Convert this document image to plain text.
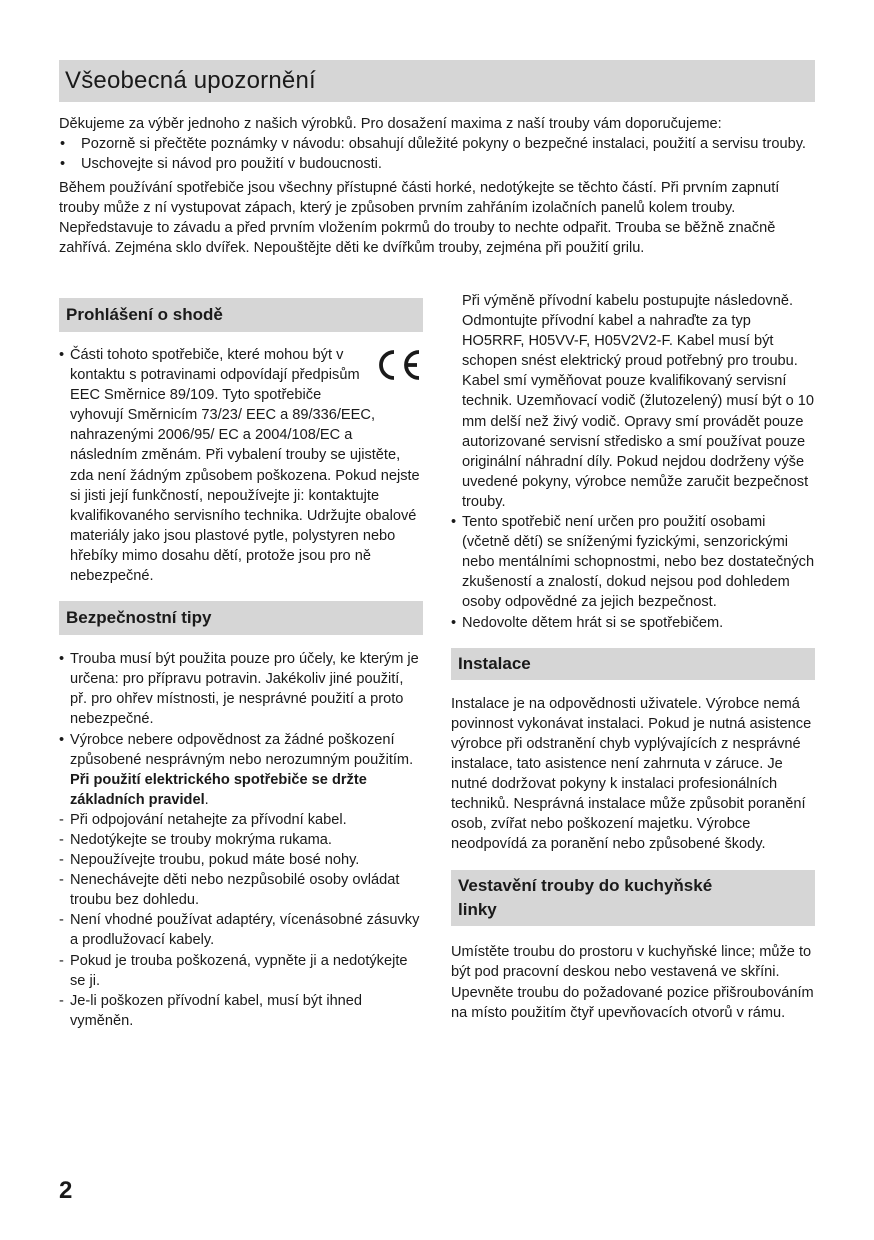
Všeobecná upozornění

Děkujeme za výběr jednoho z našich výrobků. Pro dosažení maxima z naší trouby vám doporučujeme:

• Pozorně si přečtěte poznámky v návodu: obsahují důležité pokyny o bezpečné instalaci, použití a servisu trouby.
• Uschovejte si návod pro použití v budoucnosti.

Během používání spotřebiče jsou všechny přístupné části horké, nedotýkejte se těchto částí. Při prvním zapnutí trouby může z ní vystupovat zápach, který je způsoben prvním zahřáním izolačních panelů kolem trouby. Nepředstavuje to závadu a před prvním vložením pokrmů do trouby to nechte odpařit. Trouba se běžně značně zahřívá. Zejména sklo dvířek. Nepouštějte děti ke dvířkům trouby, zejména při použití grilu.

Prohlášení o shodě
•	CE
Části tohoto spotřebiče, které mohou být v kontaktu s potravinami odpovídají předpisům EEC Směrnice 89/109. Tyto spotřebiče vyhovují Směrnicím 73/23/ EEC a 89/336/EEC, nahrazenými 2006/95/ EC a 2004/108/EC a následním změnám. Při vybalení trouby se ujistěte, zda není žádným způsobem poškozena. Pokud nejste si jisti její funkčností, nepoužívejte ji: kontaktujte kvalifikovaného servisního technika. Udržujte obalové materiály jako jsou plastové pytle, polystyren nebo hřebíky mimo dosahu dětí, protože jsou pro ně nebezpečné.
Bezpečnostní tipy
• Trouba musí být použita pouze pro účely, ke kterým je určena: pro přípravu potravin. Jakékoliv jiné použití, př. pro ohřev místnosti, je nesprávné použití a proto nebezpečné.
• Výrobce nebere odpovědnost za žádné poškození způsobené nesprávným nebo nerozumným použitím. Při použití elektrického spotřebiče se držte základních pravidel.
- Při odpojování netahejte za přívodní kabel.
- Nedotýkejte se trouby mokrýma rukama.
- Nepoužívejte troubu, pokud máte bosé nohy.
- Nenechávejte děti nebo nezpůsobilé osoby ovládat troubu bez dohledu.
- Není vhodné používat adaptéry, vícenásobné zásuvky a prodlužovací kabely.
- Pokud je trouba poškozená, vypněte ji a nedotýkejte se ji.
- Je-li poškozen přívodní kabel, musí být ihned vyměněn.

Při výměně přívodní kabelu postupujte následovně. Odmontujte přívodní kabel a nahraďte za typ HO5RRF, H05VV-F, H05V2V2-F. Kabel musí být schopen snést elektrický proud potřebný pro troubu. Kabel smí vyměňovat pouze kvalifikovaný servisní technik. Uzemňovací vodič (žlutozelený) musí být o 10 mm delší než živý vodič. Opravy smí provádět pouze autorizované servisní středisko a smí používat pouze originální náhradní díly. Pokud nejdou dodrženy výše uvedené pokyny, výrobce nemůže zaručit bezpečnost trouby.

• Tento spotřebič není určen pro použití osobami (včetně dětí) se sníženými fyzickými, senzorickými nebo mentálními schopnostmi, nebo bez dostatečných zkušeností a znalostí, dokud nejsou pod dohledem osoby odpovědné za jejich bezpečnost.
• Nedovolte dětem hrát si se spotřebičem.
Instalace

Instalace je na odpovědnosti uživatele. Výrobce nemá povinnost vykonávat instalaci. Pokud je nutná asistence výrobce při odstranění chyb vyplývajících z nesprávné instalace, tato asistence není zahrnuta v záruce. Je nutné dodržovat pokyny k instalaci profesionálních techniků. Nesprávná instalace může způsobit poranění osob, zvířat nebo poškození majetku. Výrobce neodpovídá za poranění nebo způsobené škody.

Vestavění trouby do kuchyňské linky

Umístěte troubu do prostoru v kuchyňské lince; může to být pod pracovní deskou nebo vestavená ve skříni. Upevněte troubu do požadované pozice přišroubováním na místo použitím čtyř upevňovacích otvorů v rámu.

2
